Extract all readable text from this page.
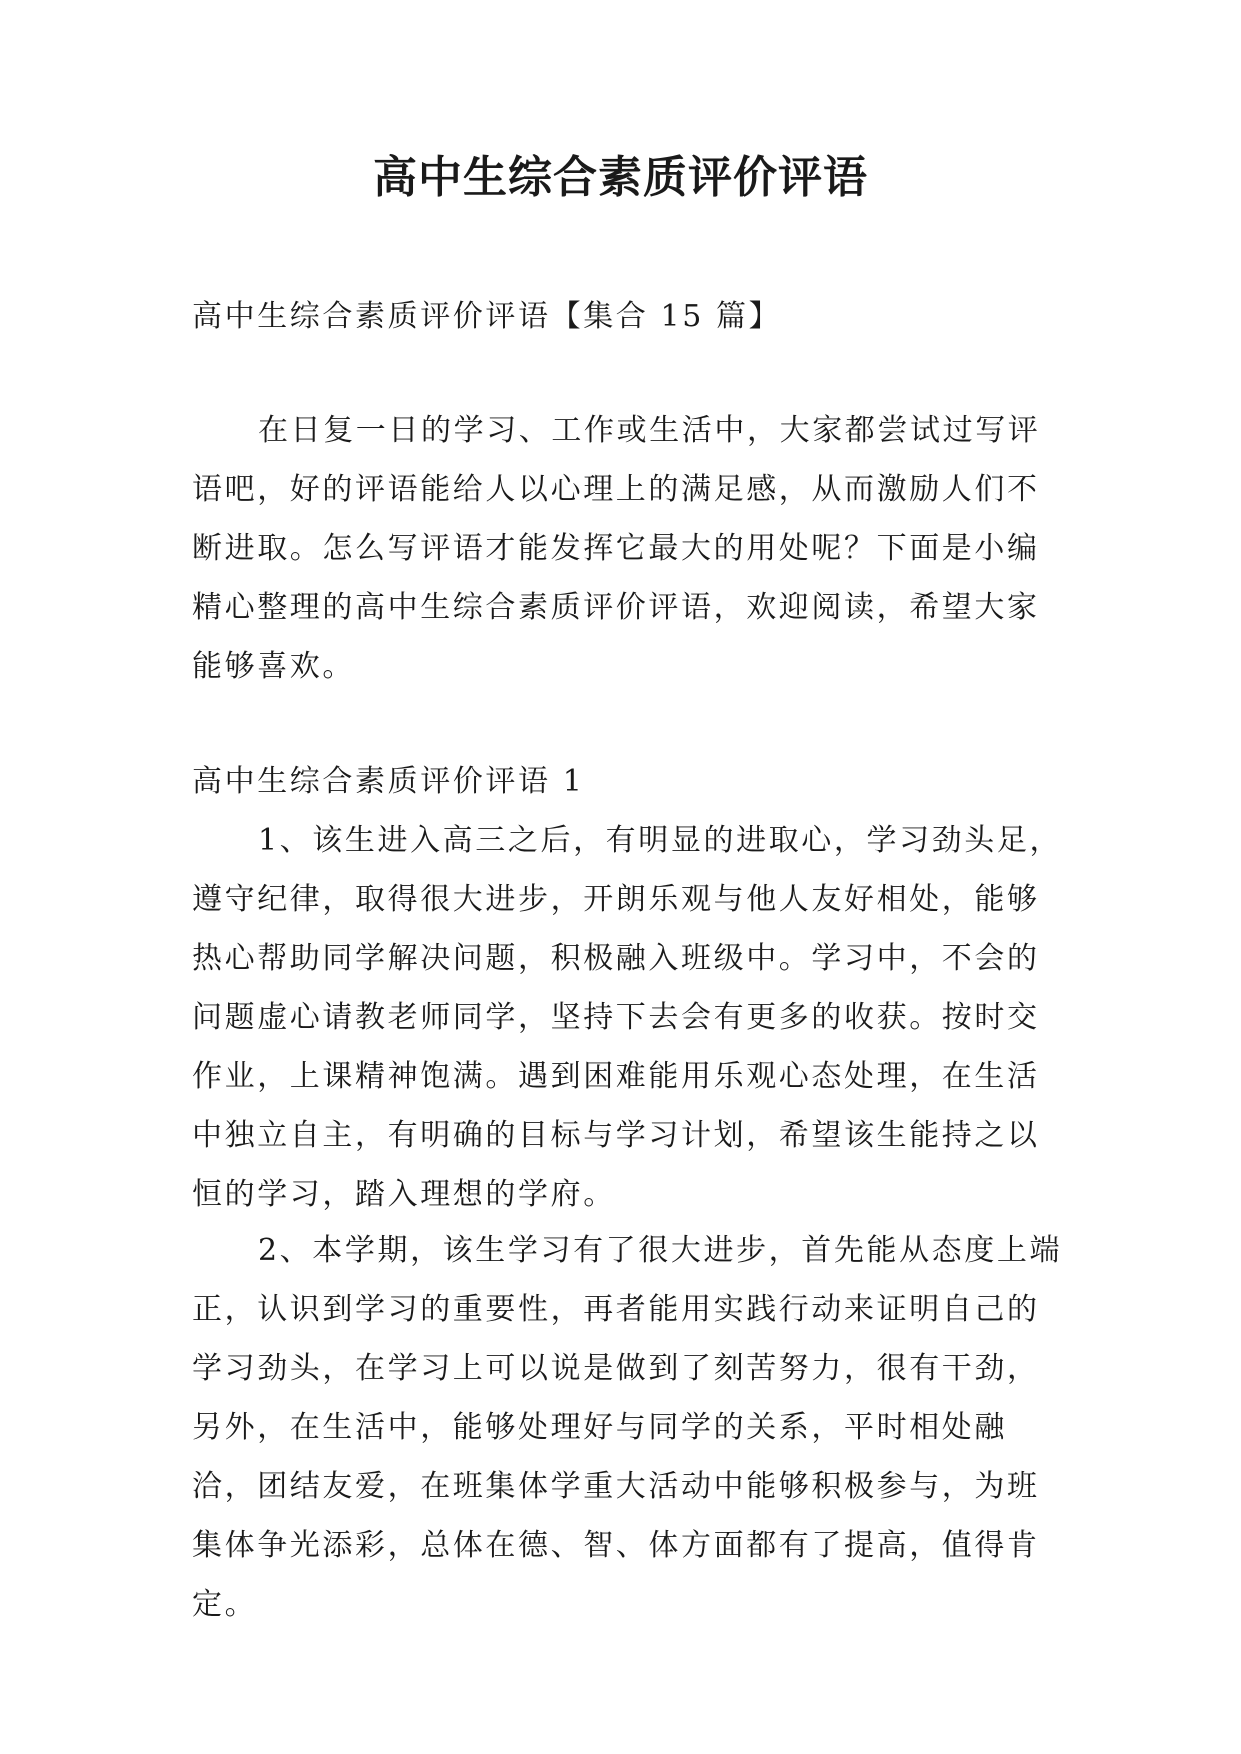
高中生综合素质评价评语

高中生综合素质评价评语【集合 15 篇】

在日复一日的学习、工作或生活中，大家都尝试过写评语吧，好的评语能给人以心理上的满足感，从而激励人们不断进取。怎么写评语才能发挥它最大的用处呢？下面是小编精心整理的高中生综合素质评价评语，欢迎阅读，希望大家能够喜欢。

高中生综合素质评价评语 1

1、该生进入高三之后，有明显的进取心，学习劲头足，遵守纪律，取得很大进步，开朗乐观与他人友好相处，能够热心帮助同学解决问题，积极融入班级中。学习中，不会的问题虚心请教老师同学，坚持下去会有更多的收获。按时交作业，上课精神饱满。遇到困难能用乐观心态处理，在生活中独立自主，有明确的目标与学习计划，希望该生能持之以恒的学习，踏入理想的学府。

2、本学期，该生学习有了很大进步，首先能从态度上端正，认识到学习的重要性，再者能用实践行动来证明自己的学习劲头，在学习上可以说是做到了刻苦努力，很有干劲，另外，在生活中，能够处理好与同学的关系，平时相处融洽，团结友爱，在班集体学重大活动中能够积极参与，为班集体争光添彩，总体在德、智、体方面都有了提高，值得肯定。
